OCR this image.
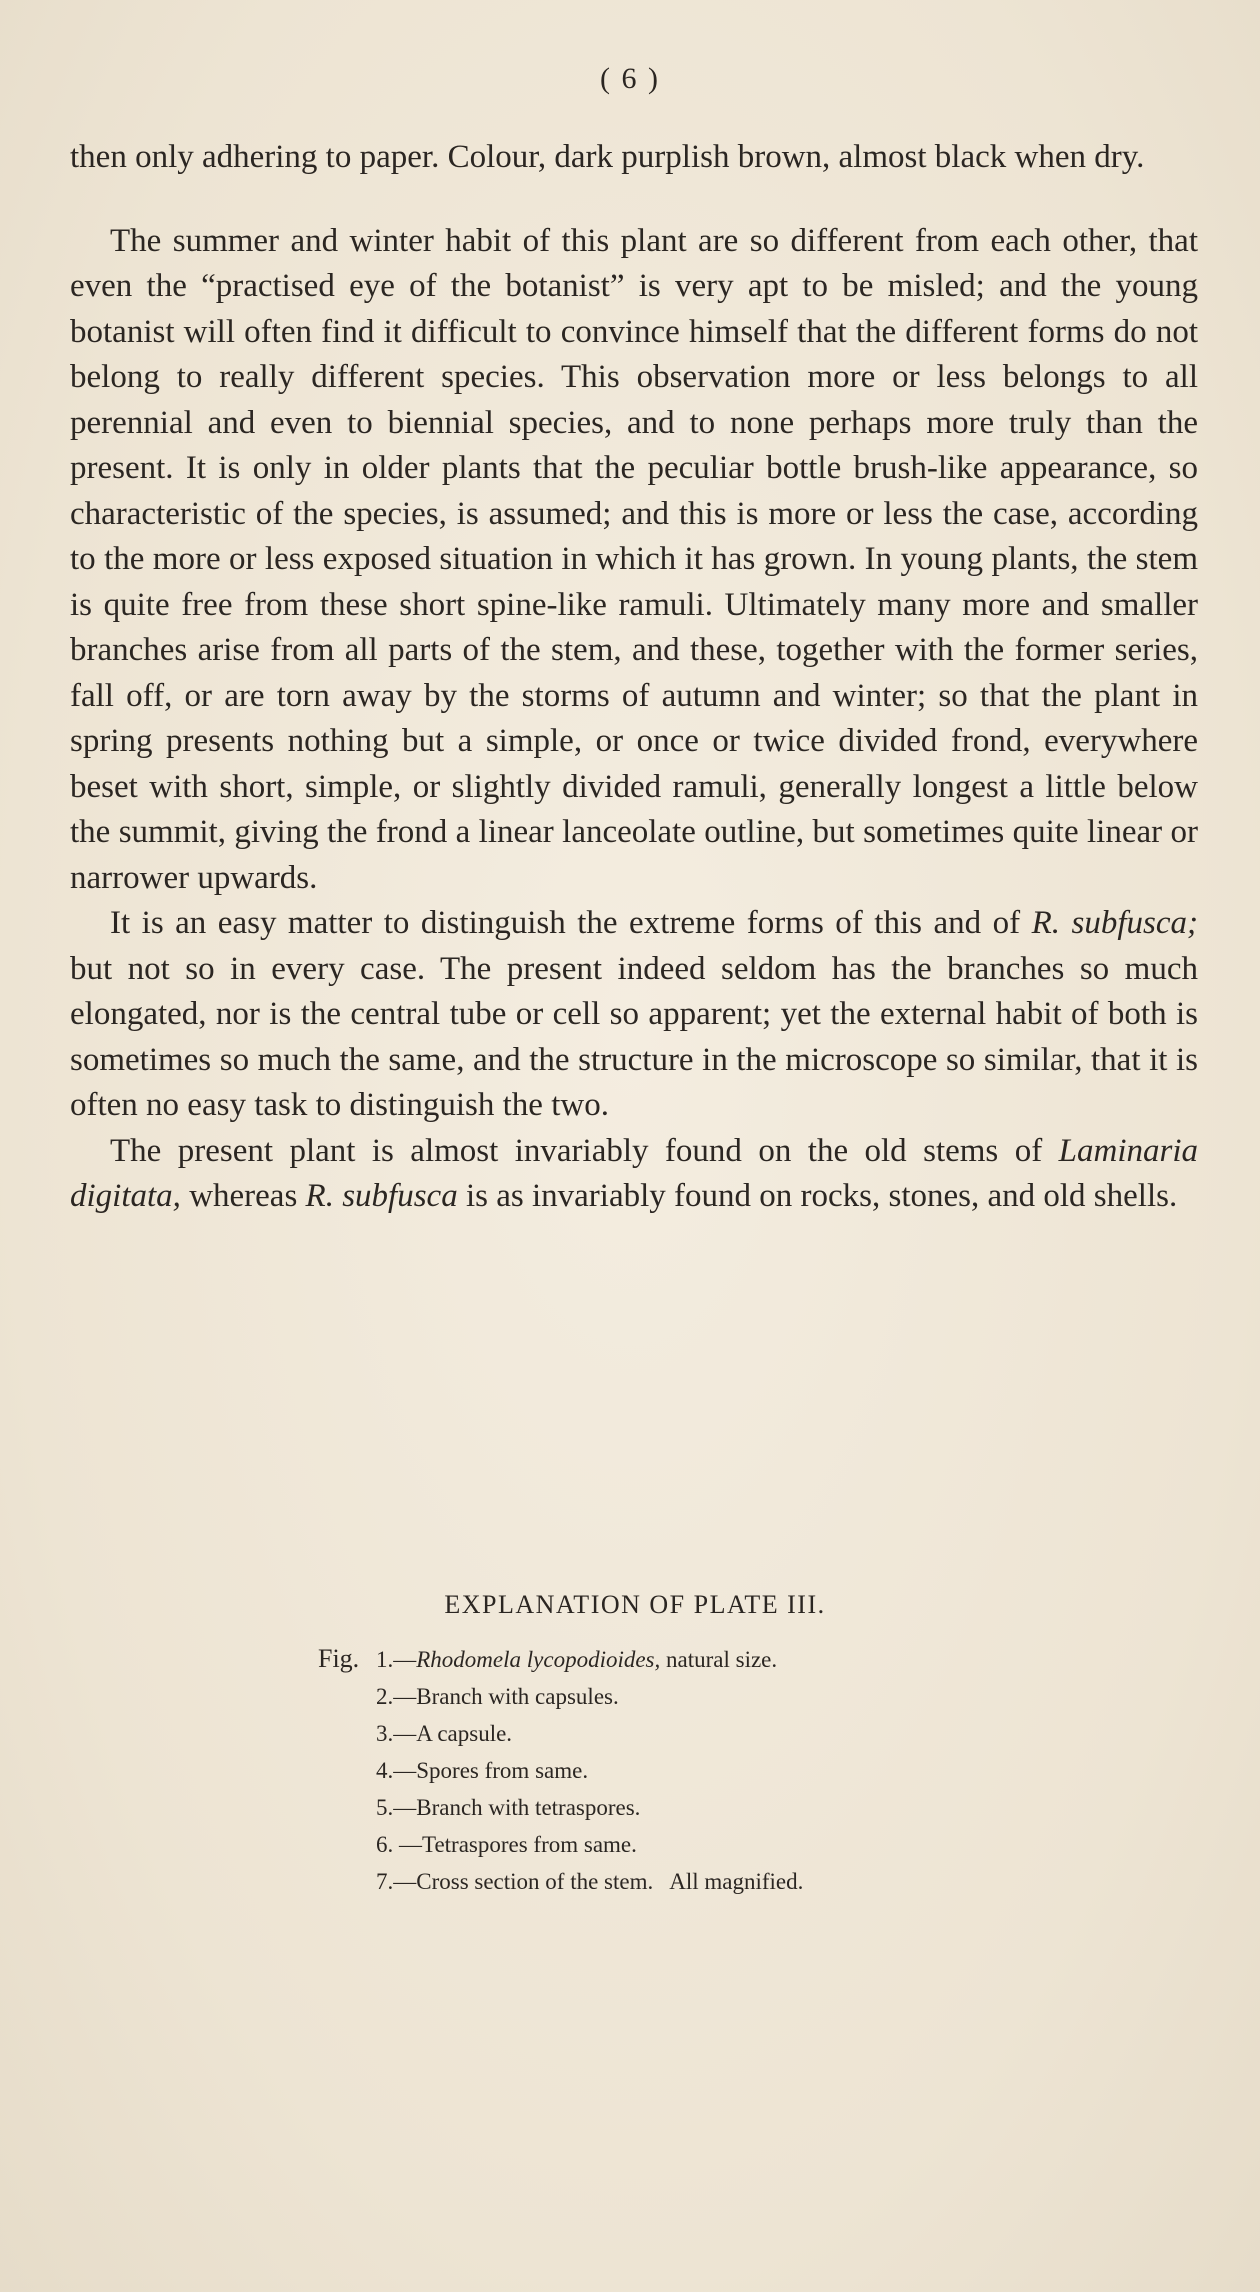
( 6 )

then only adhering to paper. Colour, dark purplish brown, almost black when dry.

The summer and winter habit of this plant are so different from each other, that even the “practised eye of the botanist” is very apt to be misled; and the young botanist will often find it difficult to convince himself that the different forms do not belong to really different species. This observation more or less belongs to all perennial and even to biennial species, and to none perhaps more truly than the present. It is only in older plants that the peculiar bottle brush-like appearance, so characteristic of the species, is assumed; and this is more or less the case, according to the more or less exposed situation in which it has grown. In young plants, the stem is quite free from these short spine-like ramuli. Ultimately many more and smaller branches arise from all parts of the stem, and these, together with the former series, fall off, or are torn away by the storms of autumn and winter; so that the plant in spring presents nothing but a simple, or once or twice divided frond, everywhere beset with short, simple, or slightly divided ramuli, generally longest a little below the summit, giving the frond a linear lanceolate outline, but sometimes quite linear or narrower upwards.

It is an easy matter to distinguish the extreme forms of this and of R. subfusca; but not so in every case. The present indeed seldom has the branches so much elongated, nor is the central tube or cell so apparent; yet the external habit of both is sometimes so much the same, and the structure in the microscope so similar, that it is often no easy task to distinguish the two.

The present plant is almost invariably found on the old stems of Laminaria digitata, whereas R. subfusca is as invariably found on rocks, stones, and old shells.

EXPLANATION OF PLATE III.
Fig. 1.—Rhodomela lycopodioides, natural size.
2.—Branch with capsules.
3.—A capsule.
4.—Spores from same.
5.—Branch with tetraspores.
6. —Tetraspores from same.
7.—Cross section of the stem.   All magnified.
